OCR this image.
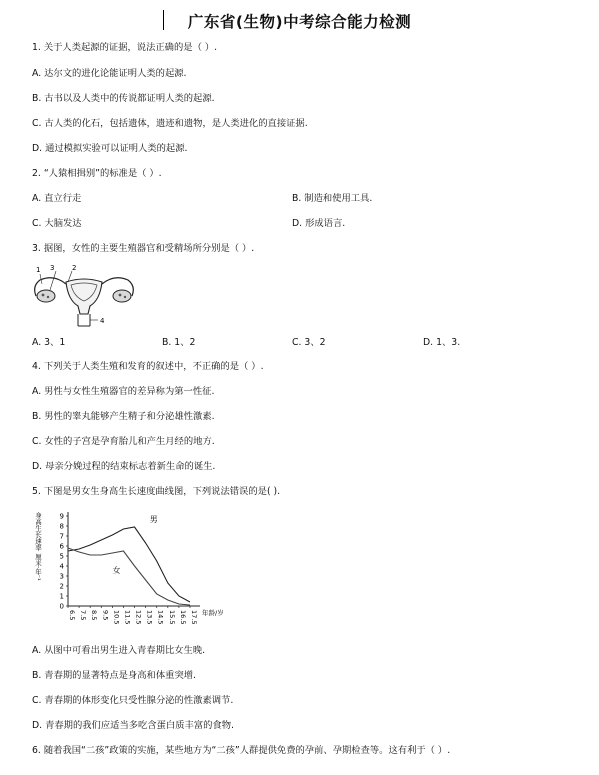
广东省(生物)中考综合能力检测
1. 关于人类起源的证据，说法正确的是（ ）.
A. 达尔文的进化论能证明人类的起源.
B. 古书以及人类中的传说都证明人类的起源.
C. 古人类的化石，包括遗体，遗迹和遗物，是人类进化的直接证据.
D. 通过模拟实验可以证明人类的起源.
2. “人猿相揖别”的标准是（ ）.
A. 直立行走	B. 制造和使用工具.
C. 大脑发达	D. 形成语言.
3. 据图，女性的主要生殖器官和受精场所分别是（ ）.
3
1	2
4
A. 3、1	B. 1、2	C. 3、2	D. 1、3.
4. 下列关于人类生殖和发育的叙述中，不正确的是（ ）.
A. 男性与女性生殖器官的差异称为第一性征.
B. 男性的睾丸能够产生精子和分泌雄性激素.
C. 女性的子宫是孕育胎儿和产生月经的地方.
D. 母亲分娩过程的结束标志着新生命的诞生.
5. 下图是男女生身高生长速度曲线图，下列说法错误的是( ).
0
1
2
3
4
5
6
7
8
9
6.5 7.5 8.5 9.5 10.5 11.5 12.5 13.5 14.5 15.5 16.5 17.5
身高生长速率 厘米·年⁻¹
年龄/岁
男
女
A. 从图中可看出男生进入青春期比女生晚.
B. 青春期的显著特点是身高和体重突增.
C. 青春期的体形变化只受性腺分泌的性激素调节.
D. 青春期的我们应适当多吃含蛋白质丰富的食物.
6. 随着我国“二孩”政策的实施，某些地方为“二孩”人群提供免费的孕前、孕期检查等。这有利于（ ）.
